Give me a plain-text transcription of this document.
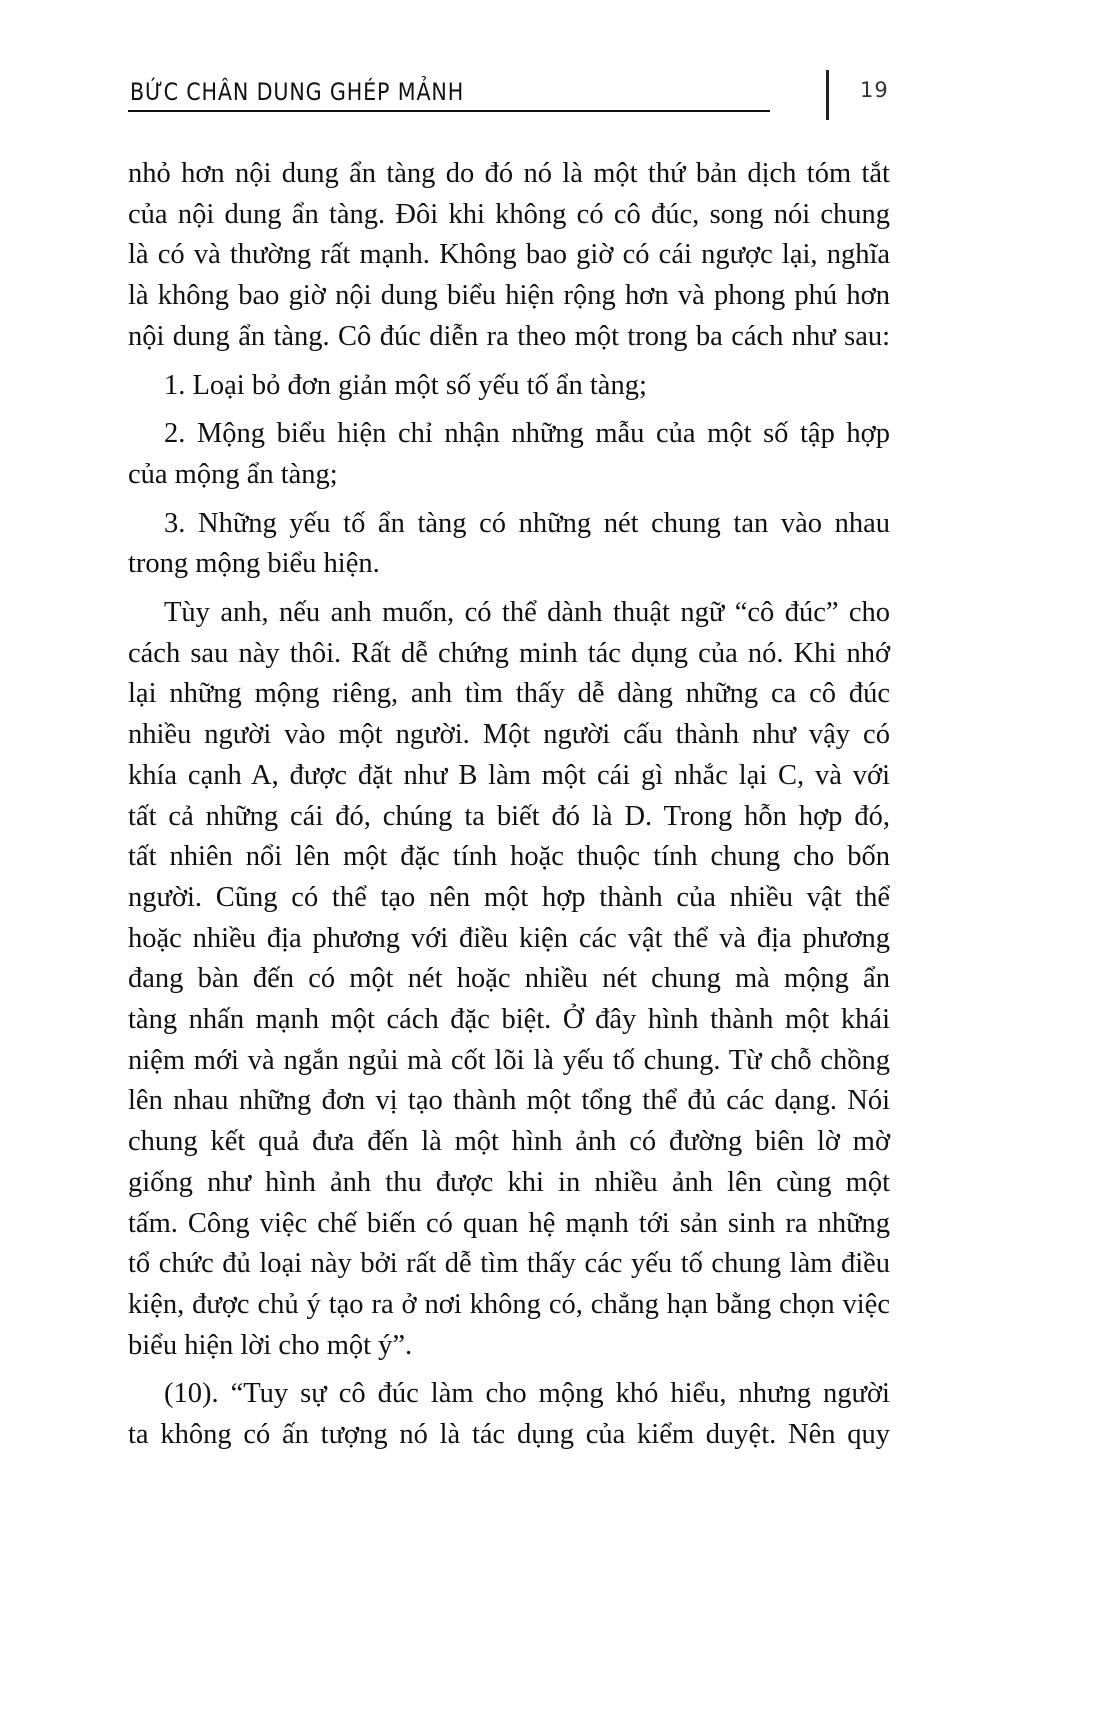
BỨC CHÂN DUNG GHÉP MẢNH	19
nhỏ hơn nội dung ẩn tàng do đó nó là một thứ bản dịch tóm tắt
của nội dung ẩn tàng. Đôi khi không có cô đúc, song nói chung
là có và thường rất mạnh. Không bao giờ có cái ngược lại, nghĩa
là không bao giờ nội dung biểu hiện rộng hơn và phong phú hơn
nội dung ẩn tàng. Cô đúc diễn ra theo một trong ba cách như sau:
1. Loại bỏ đơn giản một số yếu tố ẩn tàng;
2. Mộng biểu hiện chỉ nhận những mẫu của một số tập hợp
của mộng ẩn tàng;
3. Những yếu tố ẩn tàng có những nét chung tan vào nhau
trong mộng biểu hiện.
Tùy anh, nếu anh muốn, có thể dành thuật ngữ “cô đúc” cho
cách sau này thôi. Rất dễ chứng minh tác dụng của nó. Khi nhớ
lại những mộng riêng, anh tìm thấy dễ dàng những ca cô đúc
nhiều người vào một người. Một người cấu thành như vậy có
khía cạnh A, được đặt như B làm một cái gì nhắc lại C, và với
tất cả những cái đó, chúng ta biết đó là D. Trong hỗn hợp đó,
tất nhiên nổi lên một đặc tính hoặc thuộc tính chung cho bốn
người. Cũng có thể tạo nên một hợp thành của nhiều vật thể
hoặc nhiều địa phương với điều kiện các vật thể và địa phương
đang bàn đến có một nét hoặc nhiều nét chung mà mộng ẩn
tàng nhấn mạnh một cách đặc biệt. Ở đây hình thành một khái
niệm mới và ngắn ngủi mà cốt lõi là yếu tố chung. Từ chỗ chồng
lên nhau những đơn vị tạo thành một tổng thể đủ các dạng. Nói
chung kết quả đưa đến là một hình ảnh có đường biên lờ mờ
giống như hình ảnh thu được khi in nhiều ảnh lên cùng một
tấm. Công việc chế biến có quan hệ mạnh tới sản sinh ra những
tổ chức đủ loại này bởi rất dễ tìm thấy các yếu tố chung làm điều
kiện, được chủ ý tạo ra ở nơi không có, chẳng hạn bằng chọn việc
biểu hiện lời cho một ý”.
(10). “Tuy sự cô đúc làm cho mộng khó hiểu, nhưng người
ta không có ấn tượng nó là tác dụng của kiểm duyệt. Nên quy
